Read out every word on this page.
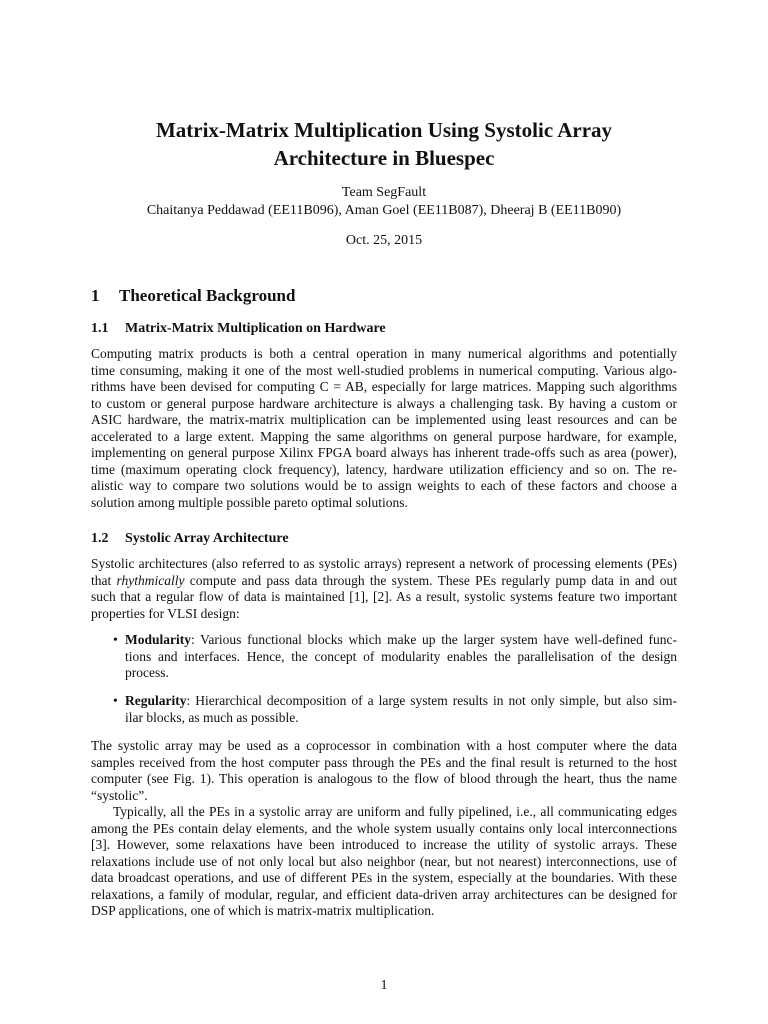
Matrix-Matrix Multiplication Using Systolic Array
Architecture in Bluespec
Team SegFault
Chaitanya Peddawad (EE11B096), Aman Goel (EE11B087), Dheeraj B (EE11B090)
Oct. 25, 2015
1 Theoretical Background
1.1 Matrix-Matrix Multiplication on Hardware
Computing matrix products is both a central operation in many numerical algorithms and potentially
time consuming, making it one of the most well-studied problems in numerical computing. Various algo-
rithms have been devised for computing C = AB, especially for large matrices. Mapping such algorithms
to custom or general purpose hardware architecture is always a challenging task. By having a custom or
ASIC hardware, the matrix-matrix multiplication can be implemented using least resources and can be
accelerated to a large extent. Mapping the same algorithms on general purpose hardware, for example,
implementing on general purpose Xilinx FPGA board always has inherent trade-offs such as area (power),
time (maximum operating clock frequency), latency, hardware utilization efficiency and so on. The re-
alistic way to compare two solutions would be to assign weights to each of these factors and choose a
solution among multiple possible pareto optimal solutions.
1.2 Systolic Array Architecture
Systolic architectures (also referred to as systolic arrays) represent a network of processing elements (PEs)
that rhythmically compute and pass data through the system. These PEs regularly pump data in and out
such that a regular flow of data is maintained [1], [2]. As a result, systolic systems feature two important
properties for VLSI design:
• Modularity: Various functional blocks which make up the larger system have well-defined func-
tions and interfaces. Hence, the concept of modularity enables the parallelisation of the design
process.
• Regularity: Hierarchical decomposition of a large system results in not only simple, but also sim-
ilar blocks, as much as possible.
The systolic array may be used as a coprocessor in combination with a host computer where the data
samples received from the host computer pass through the PEs and the final result is returned to the host
computer (see Fig. 1). This operation is analogous to the flow of blood through the heart, thus the name
“systolic”.
Typically, all the PEs in a systolic array are uniform and fully pipelined, i.e., all communicating edges
among the PEs contain delay elements, and the whole system usually contains only local interconnections
[3]. However, some relaxations have been introduced to increase the utility of systolic arrays. These
relaxations include use of not only local but also neighbor (near, but not nearest) interconnections, use of
data broadcast operations, and use of different PEs in the system, especially at the boundaries. With these
relaxations, a family of modular, regular, and efficient data-driven array architectures can be designed for
DSP applications, one of which is matrix-matrix multiplication.
1
